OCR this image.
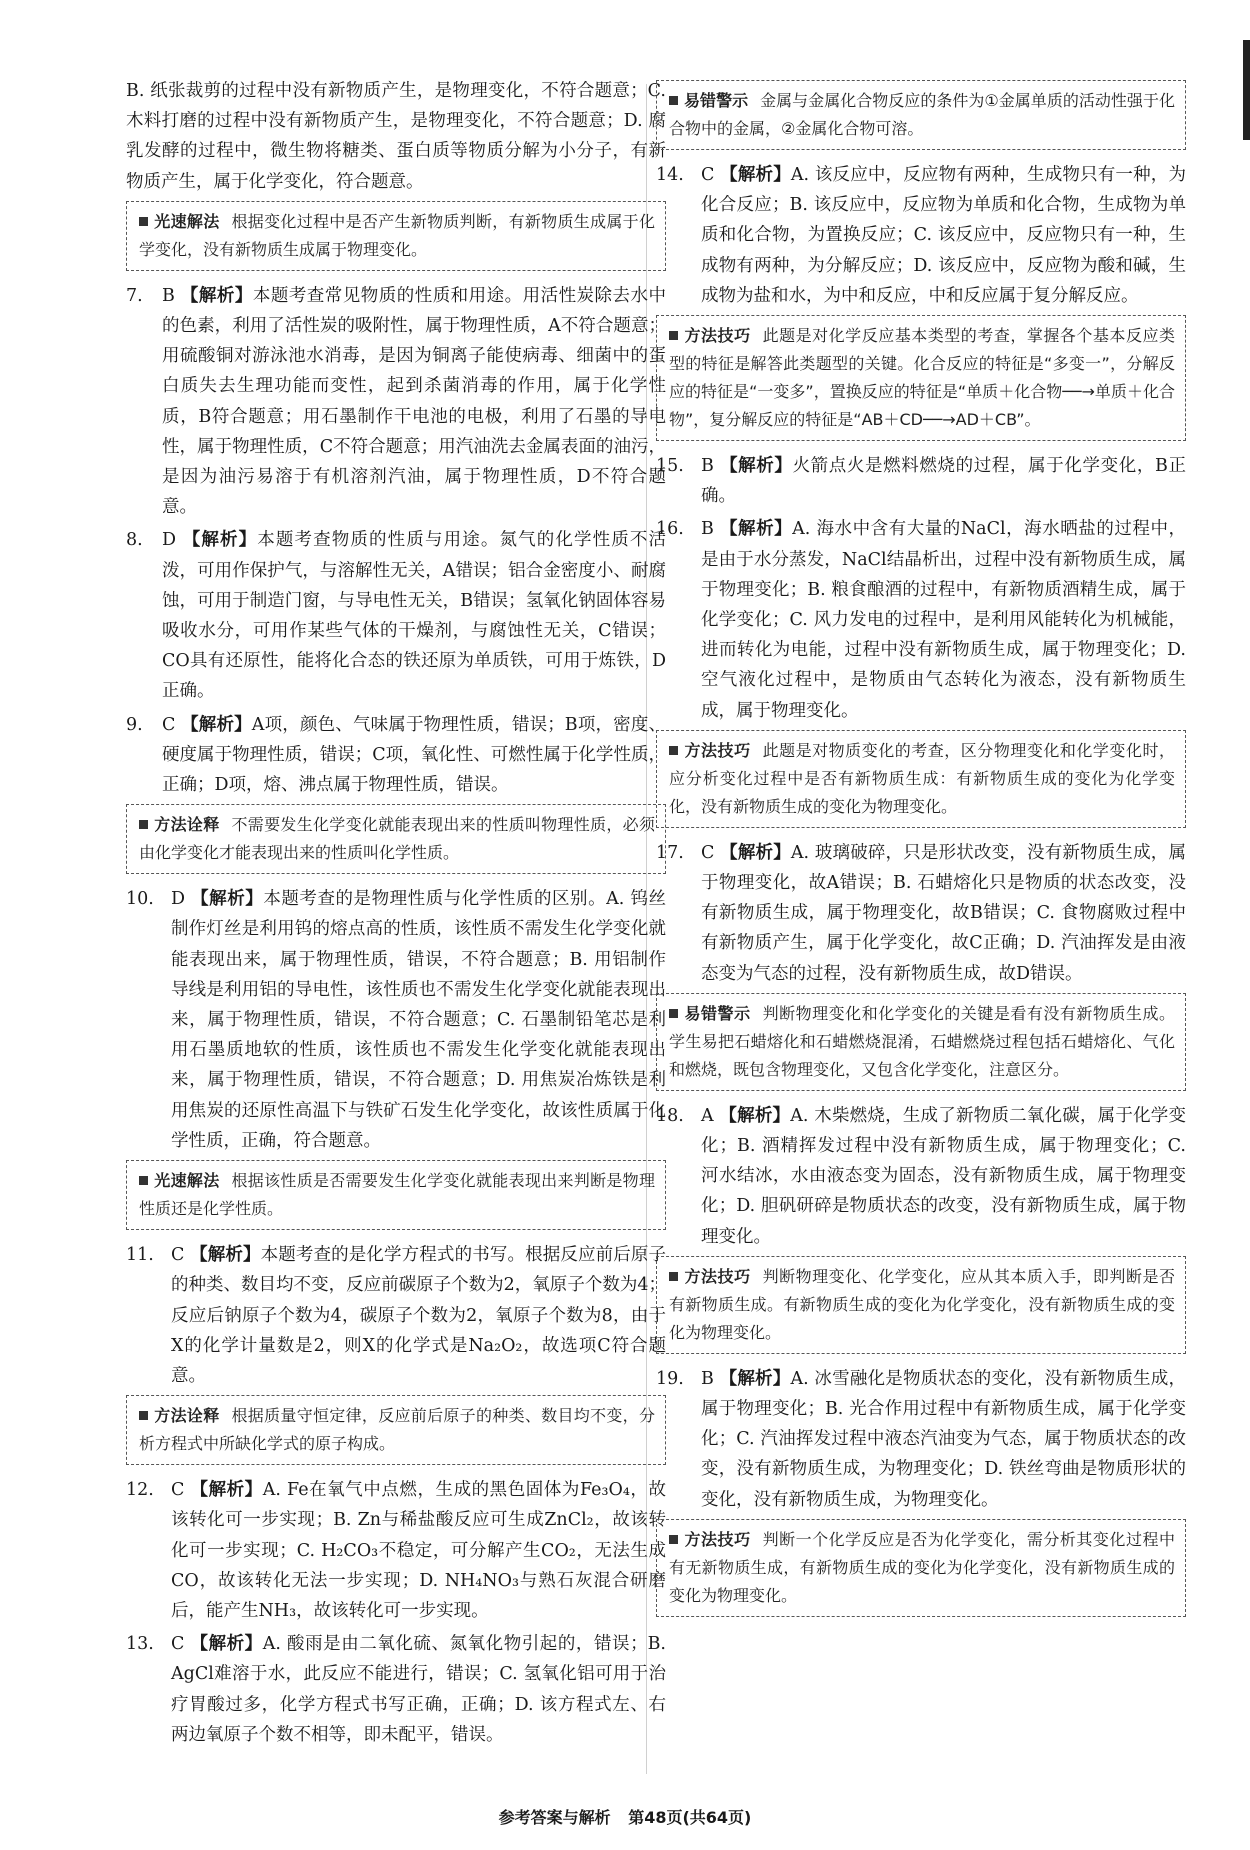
B. 纸张裁剪的过程中没有新物质产生，是物理变化，不符合题意；C. 木料打磨的过程中没有新物质产生，是物理变化，不符合题意；D. 腐乳发酵的过程中，微生物将糖类、蛋白质等物质分解为小分子，有新物质产生，属于化学变化，符合题意。
光速解法 根据变化过程中是否产生新物质判断，有新物质生成属于化学变化，没有新物质生成属于物理变化。
7. B 【解析】本题考查常见物质的性质和用途。用活性炭除去水中的色素，利用了活性炭的吸附性，属于物理性质，A不符合题意；用硫酸铜对游泳池水消毒，是因为铜离子能使病毒、细菌中的蛋白质失去生理功能而变性，起到杀菌消毒的作用，属于化学性质，B符合题意；用石墨制作干电池的电极，利用了石墨的导电性，属于物理性质，C不符合题意；用汽油洗去金属表面的油污，是因为油污易溶于有机溶剂汽油，属于物理性质，D不符合题意。
8. D 【解析】本题考查物质的性质与用途。氮气的化学性质不活泼，可用作保护气，与溶解性无关，A错误；铝合金密度小、耐腐蚀，可用于制造门窗，与导电性无关，B错误；氢氧化钠固体容易吸收水分，可用作某些气体的干燥剂，与腐蚀性无关，C错误；CO具有还原性，能将化合态的铁还原为单质铁，可用于炼铁，D正确。
9. C 【解析】A项，颜色、气味属于物理性质，错误；B项，密度、硬度属于物理性质，错误；C项，氧化性、可燃性属于化学性质，正确；D项，熔、沸点属于物理性质，错误。
方法诠释 不需要发生化学变化就能表现出来的性质叫物理性质，必须由化学变化才能表现出来的性质叫化学性质。
10. D 【解析】本题考查的是物理性质与化学性质的区别。A. 钨丝制作灯丝是利用钨的熔点高的性质，该性质不需发生化学变化就能表现出来，属于物理性质，错误，不符合题意；B. 用铝制作导线是利用铝的导电性，该性质也不需发生化学变化就能表现出来，属于物理性质，错误，不符合题意；C. 石墨制铅笔芯是利用石墨质地软的性质，该性质也不需发生化学变化就能表现出来，属于物理性质，错误，不符合题意；D. 用焦炭冶炼铁是利用焦炭的还原性高温下与铁矿石发生化学变化，故该性质属于化学性质，正确，符合题意。
光速解法 根据该性质是否需要发生化学变化就能表现出来判断是物理性质还是化学性质。
11. C 【解析】本题考查的是化学方程式的书写。根据反应前后原子的种类、数目均不变，反应前碳原子个数为2，氧原子个数为4；反应后钠原子个数为4，碳原子个数为2，氧原子个数为8，由于X的化学计量数是2，则X的化学式是Na₂O₂，故选项C符合题意。
方法诠释 根据质量守恒定律，反应前后原子的种类、数目均不变，分析方程式中所缺化学式的原子构成。
12. C 【解析】A. Fe在氧气中点燃，生成的黑色固体为Fe₃O₄，故该转化可一步实现；B. Zn与稀盐酸反应可生成ZnCl₂，故该转化可一步实现；C. H₂CO₃不稳定，可分解产生CO₂，无法生成CO，故该转化无法一步实现；D. NH₄NO₃与熟石灰混合研磨后，能产生NH₃，故该转化可一步实现。
13. C 【解析】A. 酸雨是由二氧化硫、氮氧化物引起的，错误；B. AgCl难溶于水，此反应不能进行，错误；C. 氢氧化铝可用于治疗胃酸过多，化学方程式书写正确，正确；D. 该方程式左、右两边氧原子个数不相等，即未配平，错误。
易错警示 金属与金属化合物反应的条件为①金属单质的活动性强于化合物中的金属，②金属化合物可溶。
14. C 【解析】A. 该反应中，反应物有两种，生成物只有一种，为化合反应；B. 该反应中，反应物为单质和化合物，生成物为单质和化合物，为置换反应；C. 该反应中，反应物只有一种，生成物有两种，为分解反应；D. 该反应中，反应物为酸和碱，生成物为盐和水，为中和反应，中和反应属于复分解反应。
方法技巧 此题是对化学反应基本类型的考查，掌握各个基本反应类型的特征是解答此类题型的关键。化合反应的特征是“多变一”，分解反应的特征是“一变多”，置换反应的特征是“单质＋化合物──→单质＋化合物”，复分解反应的特征是“AB＋CD──→AD＋CB”。
15. B 【解析】火箭点火是燃料燃烧的过程，属于化学变化，B正确。
16. B 【解析】A. 海水中含有大量的NaCl，海水晒盐的过程中，是由于水分蒸发，NaCl结晶析出，过程中没有新物质生成，属于物理变化；B. 粮食酿酒的过程中，有新物质酒精生成，属于化学变化；C. 风力发电的过程中，是利用风能转化为机械能，进而转化为电能，过程中没有新物质生成，属于物理变化；D. 空气液化过程中，是物质由气态转化为液态，没有新物质生成，属于物理变化。
方法技巧 此题是对物质变化的考查，区分物理变化和化学变化时，应分析变化过程中是否有新物质生成：有新物质生成的变化为化学变化，没有新物质生成的变化为物理变化。
17. C 【解析】A. 玻璃破碎，只是形状改变，没有新物质生成，属于物理变化，故A错误；B. 石蜡熔化只是物质的状态改变，没有新物质生成，属于物理变化，故B错误；C. 食物腐败过程中有新物质产生，属于化学变化，故C正确；D. 汽油挥发是由液态变为气态的过程，没有新物质生成，故D错误。
易错警示 判断物理变化和化学变化的关键是看有没有新物质生成。学生易把石蜡熔化和石蜡燃烧混淆，石蜡燃烧过程包括石蜡熔化、气化和燃烧，既包含物理变化，又包含化学变化，注意区分。
18. A 【解析】A. 木柴燃烧，生成了新物质二氧化碳，属于化学变化；B. 酒精挥发过程中没有新物质生成，属于物理变化；C. 河水结冰，水由液态变为固态，没有新物质生成，属于物理变化；D. 胆矾研碎是物质状态的改变，没有新物质生成，属于物理变化。
方法技巧 判断物理变化、化学变化，应从其本质入手，即判断是否有新物质生成。有新物质生成的变化为化学变化，没有新物质生成的变化为物理变化。
19. B 【解析】A. 冰雪融化是物质状态的变化，没有新物质生成，属于物理变化；B. 光合作用过程中有新物质生成，属于化学变化；C. 汽油挥发过程中液态汽油变为气态，属于物质状态的改变，没有新物质生成，为物理变化；D. 铁丝弯曲是物质形状的变化，没有新物质生成，为物理变化。
方法技巧 判断一个化学反应是否为化学变化，需分析其变化过程中有无新物质生成，有新物质生成的变化为化学变化，没有新物质生成的变化为物理变化。
参考答案与解析 第48页(共64页)
